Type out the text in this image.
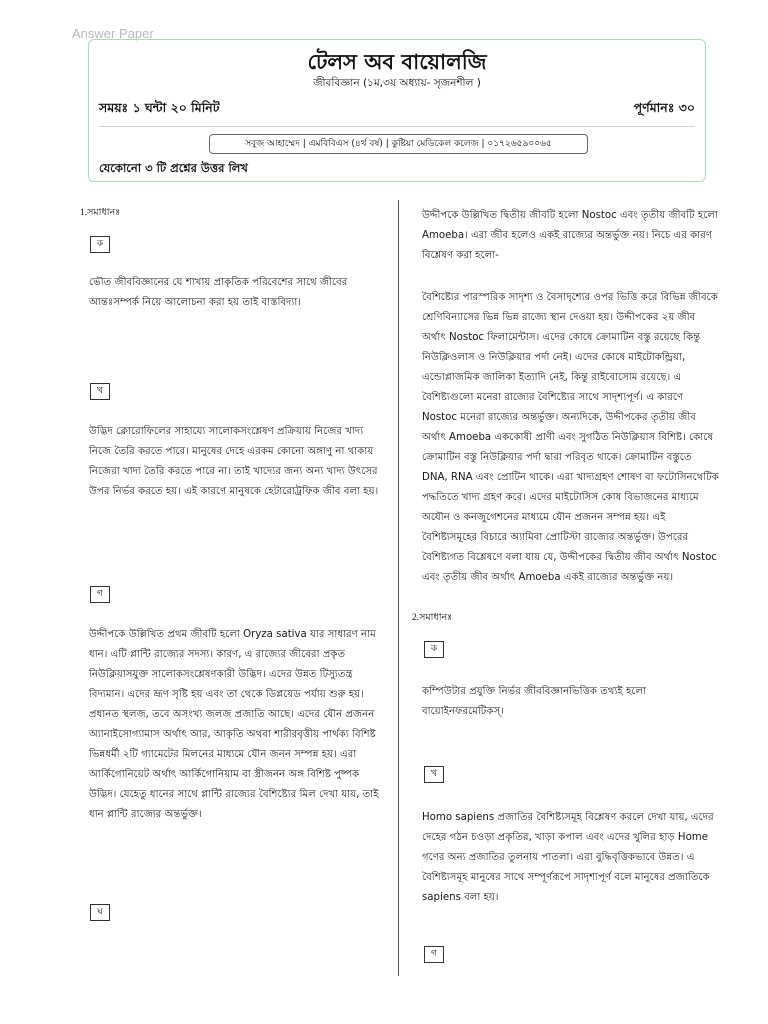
Answer Paper
টেলস অব বায়োলজি
জীববিজ্ঞান (১ম,৩য় অধ্যায়- সৃজনশীল )
সময়ঃ ১ ঘন্টা ২০ মিনিট	পূর্ণমানঃ ৩০
সবুজ আহাম্মেদ | এমবিবিএস (৪র্থ বর্ষ) | কুষ্টিয়া মেডিকেল কলেজ | ০১৭২৬৫৯০০৬৫
যেকোনো ৩ টি প্রশ্নের উত্তর লিখ
1.সমাধানঃ
ক

ভৌত জীববিজ্ঞানের যে শাখায় প্রাকৃতিক পরিবেশের সাথে জীবের আন্তঃসম্পর্ক নিয়ে আলোচনা করা হয় তাই বাস্তবিদ্যা।

খ

উদ্ভিদ ক্লোরোফিলের সাহায্যে সালোকসংশ্লেষণ প্রক্রিয়ায় নিজের খাদ্য নিজে তৈরি করতে পারে। মানুষের দেহে এরকম কোনো অঙ্গাণু না থাকায় নিজেরা খাদ্য তৈরি করতে পারে না। তাই খাদ্যের জন্য অন্য খাদ্য উৎসের উপর নির্ভর করতে হয়। এই কারণে মানুষকে হেটারোট্রফিক জীব বলা হয়।

গ

উদ্দীপকে উল্লিখিত প্রথম জীবটি হলো Oryza sativa যার সাধারণ নাম ধান। এটি প্লান্টি রাজ্যের সদস্য। কারণ, এ রাজ্যের জীবেরা প্রকৃত নিউক্লিয়াসযুক্ত সালোকসংশ্লেষণকারী উদ্ভিদ। এদের উন্নত টিস্যুতন্ত্র বিদ্যমান। এদের ভ্রূণ সৃষ্টি হয় এবং তা থেকে ডিপ্লয়েড পর্যায় শুরু হয়। প্রধানত স্থলজ, তবে অসংখ্য জলজ প্রজাতি আছে। এদের যৌন প্রজনন অ্যানাইসোগ্যামাস অর্থাৎ আর, আকৃতি অথবা শারীরবৃত্তীয় পার্থক্য বিশিষ্ট ভিন্নধর্মী ২টি গ্যামেটের মিলনের মাধ্যমে যৌন জনন সম্পন্ন হয়। এরা আর্কিগোনিয়েট অর্থাৎ আর্কিগোনিয়াম বা স্ত্রীজনন অঙ্গ বিশিষ্ট পুষ্পক উদ্ভিদ। যেহেতু ধানের সাথে প্লান্টি রাজ্যের বৈশিষ্ট্যের মিল দেখা যায়, তাই ধান প্লান্টি রাজ্যের অন্তর্ভুক্ত।

ঘ

উদ্দীপকে উল্লিখিত দ্বিতীয় জীবটি হলো Nostoc এবং তৃতীয় জীবটি হলো Amoeba। এরা জীব হলেও একই রাজ্যের অন্তর্ভুক্ত নয়। নিচে এর কারণ বিশ্লেষণ করা হলো-

বৈশিষ্ট্যের পারস্পরিক সাদৃশ্য ও বৈসাদৃশ্যের ওপর ভিত্তি করে বিভিন্ন জীবকে শ্রেণিবিন্যাসের ভিন্ন ভিন্ন রাজ্যে স্থান দেওয়া হয়। উদ্দীপকের ২য় জীব অর্থাৎ Nostoc ফিলামেন্টাস। এদের কোষে ক্রোমাটিন বস্তু রয়েছে কিন্তু নিউক্লিওলাস ও নিউক্লিয়ার পর্দা নেই। এদের কোষে মাইটোকন্ড্রিয়া, এন্ডোপ্লাজমিক জালিকা ইত্যাদি নেই, কিন্তু রাইবোসোম রয়েছে। এ বৈশিষ্ট্যগুলো মনেরা রাজ্যের বৈশিষ্ট্যের সাথে সাদৃশ্যপূর্ণ। এ কারণে Nostoc মনেরা রাজ্যের অন্তর্ভুক্ত। অন্যদিকে, উদ্দীপকের তৃতীয় জীব অর্থাৎ Amoeba এককোষী প্রাণী এবং সুগঠিত নিউক্লিয়াস বিশিষ্ট। কোষে ক্রোমাটিন বস্তু নিউক্লিয়ার পর্দা দ্বারা পরিবৃত থাকে। ক্রোমাটিন বস্তুতে DNA, RNA এবং প্রোটিন থাকে। এরা খাদ্যগ্রহণ শোষণ বা ফটোসিনথেটিক পদ্ধতিতে খাদ্য গ্রহণ করে। এদের মাইটোসিস কোষ বিভাজনের মাধ্যমে অযৌন ও কনজুগেশনের মাধ্যমে যৌন প্রজনন সম্পন্ন হয়। এই বৈশিষ্ট্যসমূহের বিচারে অ্যামিবা প্রোটিস্টা রাজ্যের অন্তর্ভুক্ত। উপরের বৈশিষ্ট্যগত বিশ্লেষণে বলা যায় যে, উদ্দীপকের দ্বিতীয় জীব অর্থাৎ Nostoc এবং তৃতীয় জীব অর্থাৎ Amoeba একই রাজ্যের অন্তর্ভুক্ত নয়।

2.সমাধানঃ
ক

কম্পিউটার প্রযুক্তি নির্ভর জীববিজ্ঞানভিত্তিক তথ্যই হলো বায়োইনফরমেটিকস্।

খ

Homo sapiens প্রজাতির বৈশিষ্ট্যসমূহ বিশ্লেষণ করলে দেখা যায়, এদের দেহের গঠন চওড়া প্রকৃতির, খাড়া কপাল এবং এদের খুলির হাড় Home গণের অন্য প্রজাতির তুলনায় পাতলা। এরা বুদ্ধিবৃত্তিকভাবে উন্নত। এ বৈশিষ্ট্যসমূহ মানুষের সাথে সম্পূর্ণরূপে সাদৃশ্যপূর্ণ বলে মানুষের প্রজাতিকে sapiens বলা হয়।

গ
